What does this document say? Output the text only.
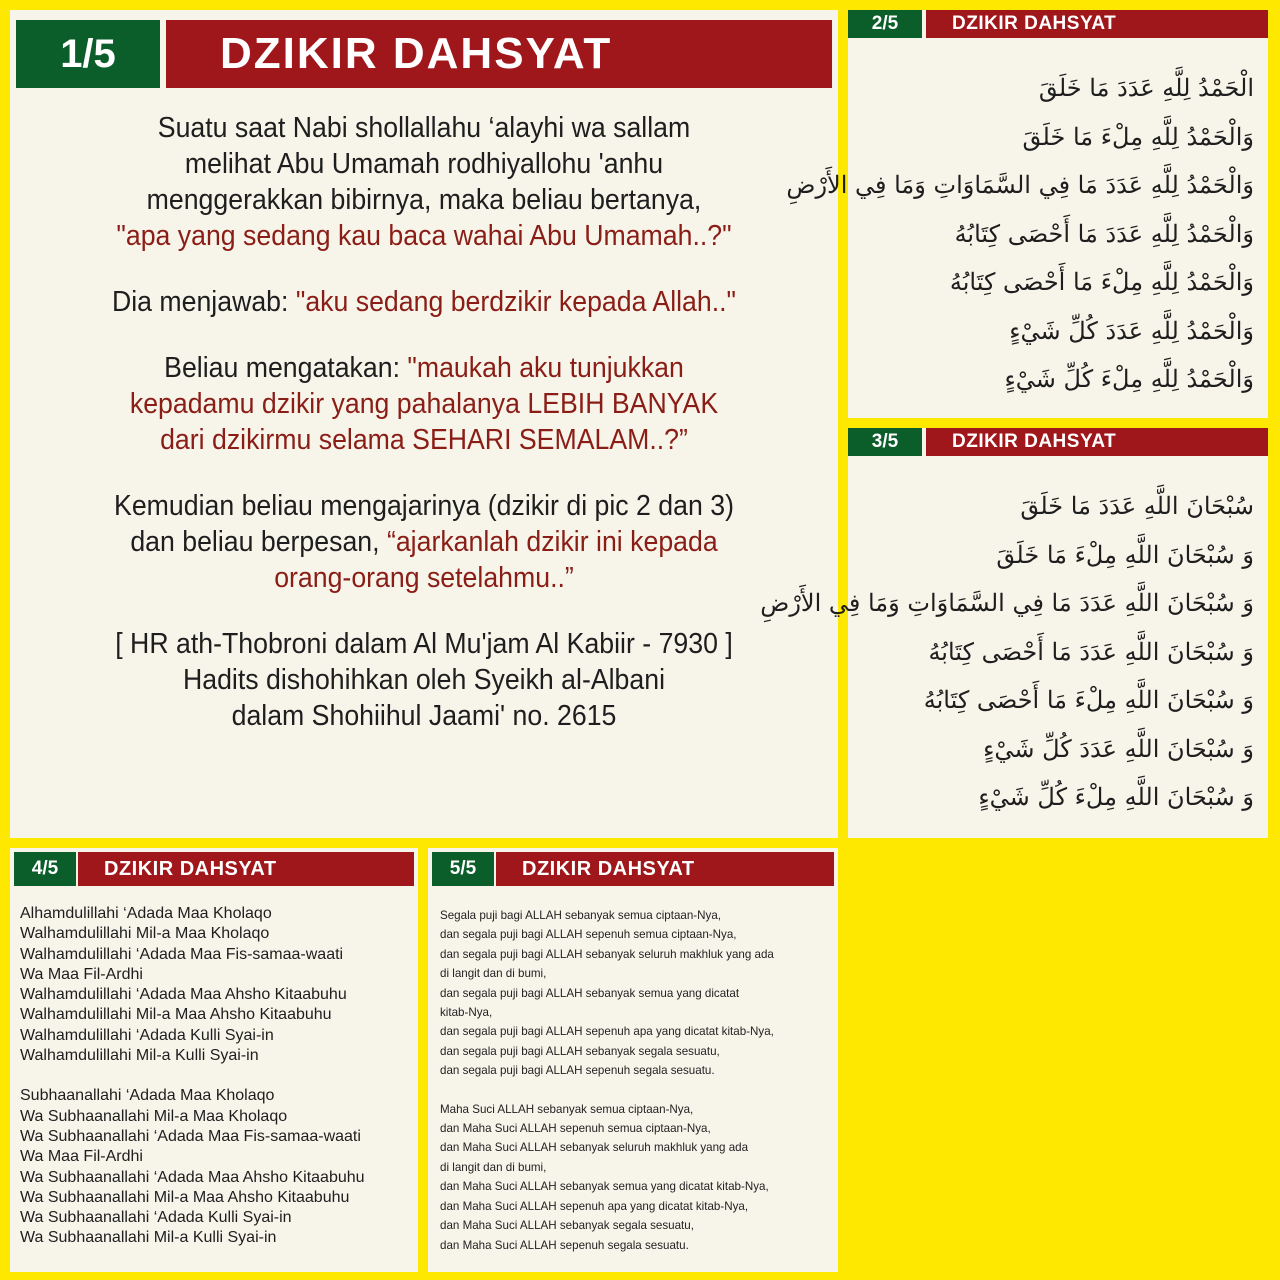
1/5	DZIKIR DAHSYAT

Suatu saat Nabi shollallahu ‘alayhi wa sallam
melihat Abu Umamah rodhiyallohu 'anhu
menggerakkan bibirnya, maka beliau bertanya,
"apa yang sedang kau baca wahai Abu Umamah..?"

Dia menjawab: "aku sedang berdzikir kepada Allah.."

Beliau mengatakan: "maukah aku tunjukkan
kepadamu dzikir yang pahalanya LEBIH BANYAK
dari dzikirmu selama SEHARI SEMALAM..?”

Kemudian beliau mengajarinya (dzikir di pic 2 dan 3)
dan beliau berpesan, “ajarkanlah dzikir ini kepada
orang-orang setelahmu..”

[ HR ath-Thobroni dalam Al Mu'jam Al Kabiir - 7930 ]
Hadits dishohihkan oleh Syeikh al-Albani
dalam Shohiihul Jaami' no. 2615

2/5	DZIKIR DAHSYAT
الْحَمْدُ لِلَّهِ عَدَدَ مَا خَلَقَ
وَالْحَمْدُ لِلَّهِ مِلْءَ مَا خَلَقَ
وَالْحَمْدُ لِلَّهِ عَدَدَ مَا فِي السَّمَاوَاتِ وَمَا فِي الأَرْضِ
وَالْحَمْدُ لِلَّهِ عَدَدَ مَا أَحْصَى كِتَابُهُ
وَالْحَمْدُ لِلَّهِ مِلْءَ مَا أَحْصَى كِتَابُهُ
وَالْحَمْدُ لِلَّهِ عَدَدَ كُلِّ شَيْءٍ
وَالْحَمْدُ لِلَّهِ مِلْءَ كُلِّ شَيْءٍ
3/5	DZIKIR DAHSYAT
سُبْحَانَ اللَّهِ عَدَدَ مَا خَلَقَ
وَ سُبْحَانَ اللَّهِ مِلْءَ مَا خَلَقَ
وَ سُبْحَانَ اللَّهِ عَدَدَ مَا فِي السَّمَاوَاتِ وَمَا فِي الأَرْضِ
وَ سُبْحَانَ اللَّهِ عَدَدَ مَا أَحْصَى كِتَابُهُ
وَ سُبْحَانَ اللَّهِ مِلْءَ مَا أَحْصَى كِتَابُهُ
وَ سُبْحَانَ اللَّهِ عَدَدَ كُلِّ شَيْءٍ
وَ سُبْحَانَ اللَّهِ مِلْءَ كُلِّ شَيْءٍ
4/5	DZIKIR DAHSYAT
Alhamdulillahi ‘Adada Maa Kholaqo
Walhamdulillahi Mil-a Maa Kholaqo
Walhamdulillahi ‘Adada Maa Fis-samaa-waati
Wa Maa Fil-Ardhi
Walhamdulillahi ‘Adada Maa Ahsho Kitaabuhu
Walhamdulillahi Mil-a Maa Ahsho Kitaabuhu
Walhamdulillahi ‘Adada Kulli Syai-in
Walhamdulillahi Mil-a Kulli Syai-in
Subhaanallahi ‘Adada Maa Kholaqo
Wa Subhaanallahi Mil-a Maa Kholaqo
Wa Subhaanallahi ‘Adada Maa Fis-samaa-waati
Wa Maa Fil-Ardhi
Wa Subhaanallahi ‘Adada Maa Ahsho Kitaabuhu
Wa Subhaanallahi Mil-a Maa Ahsho Kitaabuhu
Wa Subhaanallahi ‘Adada Kulli Syai-in
Wa Subhaanallahi Mil-a Kulli Syai-in
5/5	DZIKIR DAHSYAT
Segala puji bagi ALLAH sebanyak semua ciptaan-Nya,
dan segala puji bagi ALLAH sepenuh semua ciptaan-Nya,
dan segala puji bagi ALLAH sebanyak seluruh makhluk yang ada
di langit dan di bumi,
dan segala puji bagi ALLAH sebanyak semua yang dicatat
kitab-Nya,
dan segala puji bagi ALLAH sepenuh apa yang dicatat kitab-Nya,
dan segala puji bagi ALLAH sebanyak segala sesuatu,
dan segala puji bagi ALLAH sepenuh segala sesuatu.
Maha Suci ALLAH sebanyak semua ciptaan-Nya,
dan Maha Suci ALLAH sepenuh semua ciptaan-Nya,
dan Maha Suci ALLAH sebanyak seluruh makhluk yang ada
di langit dan di bumi,
dan Maha Suci ALLAH sebanyak semua yang dicatat kitab-Nya,
dan Maha Suci ALLAH sepenuh apa yang dicatat kitab-Nya,
dan Maha Suci ALLAH sebanyak segala sesuatu,
dan Maha Suci ALLAH sepenuh segala sesuatu.
